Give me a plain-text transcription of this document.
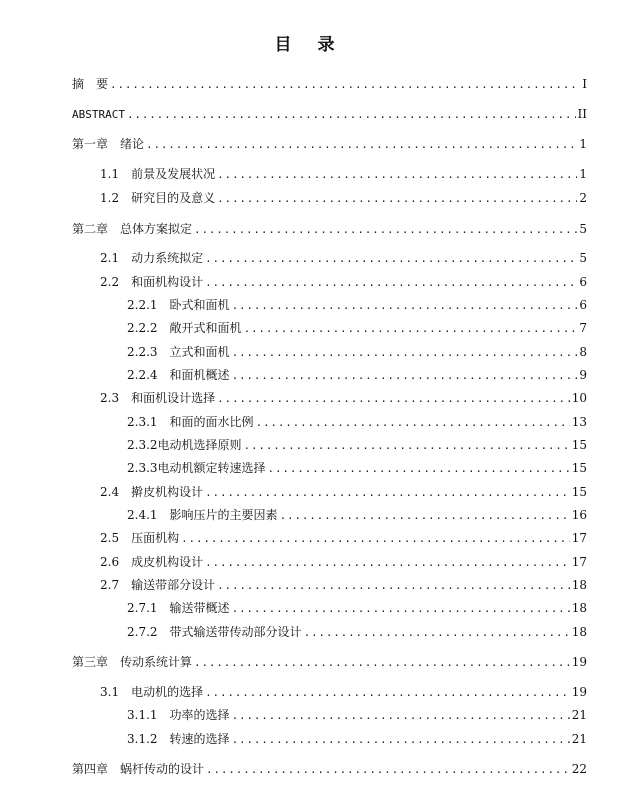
目 录
摘　要 .....	I
ABSTRACT .....	II
第一章 绪论 .....	1
1.1 前景及发展状况 .....	1
1.2 研究目的及意义 .....	2
第二章 总体方案拟定 .....	5
2.1 动力系统拟定 .....	5
2.2 和面机构设计 .....	6
2.2.1 卧式和面机 .....	6
2.2.2 敞开式和面机 .....	7
2.2.3 立式和面机 .....	8
2.2.4 和面机概述 .....	9
2.3 和面机设计选择 .....	10
2.3.1 和面的面水比例 .....	13
2.3.2电动机选择原则 .....	15
2.3.3电动机额定转速选择 .....	15
2.4 擀皮机构设计 .....	15
2.4.1 影响压片的主要因素 .....	16
2.5 压面机构 .....	17
2.6 成皮机构设计 .....	17
2.7 输送带部分设计 .....	18
2.7.1 输送带概述 .....	18
2.7.2 带式输送带传动部分设计 .....	18
第三章 传动系统计算 .....	19
3.1 电动机的选择 .....	19
3.1.1 功率的选择 .....	21
3.1.2 转速的选择 .....	21
第四章 蜗杆传动的设计 .....	22
